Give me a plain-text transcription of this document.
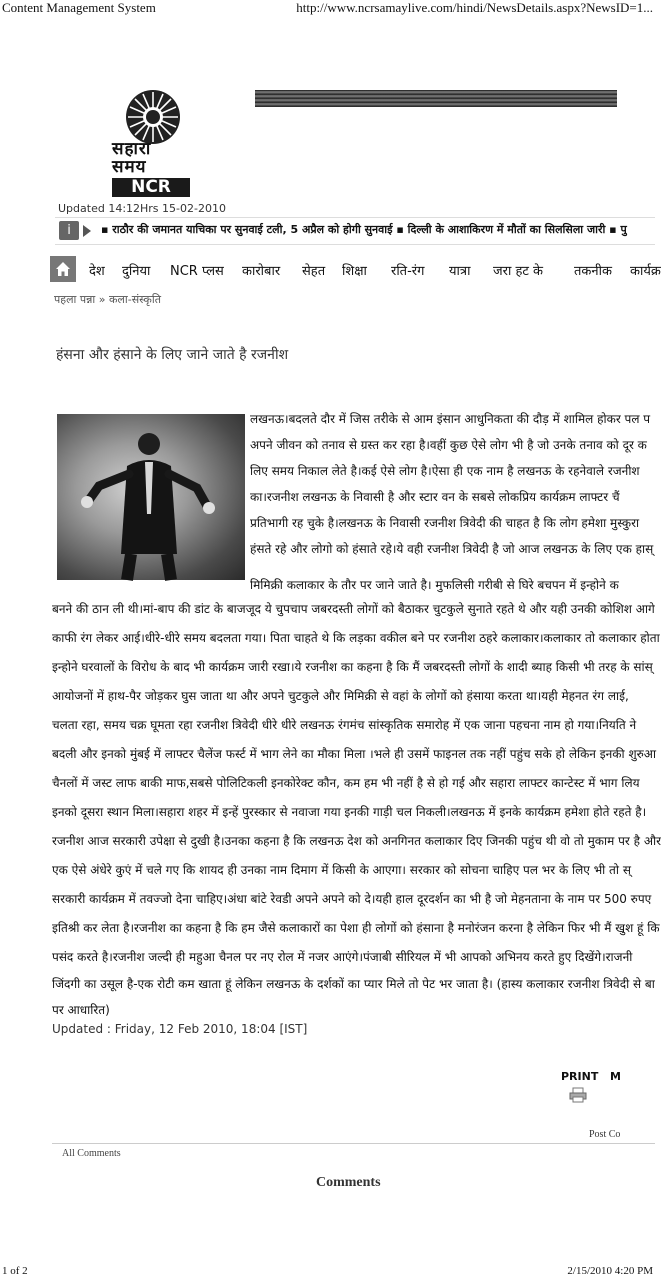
Content Management System	http://www.ncrsamaylive.com/hindi/NewsDetails.aspx?NewsID=1...
सहारा
समय
NCR
Updated 14:12Hrs 15-02-2010
i	▪ राठौर की जमानत याचिका पर सुनवाई टली, 5 अप्रैल को होगी सुनवाई ▪ दिल्ली के आशाकिरण में मौतों का सिलसिला जारी ▪ पु
देश दुनिया NCR प्लस कारोबार सेहत शिक्षा रति-रंग यात्रा जरा हट के तकनीक कार्यक्र
पहला पन्ना » कला-संस्कृति
हंसना और हंसाने के लिए जाने जाते है रजनीश
लखनऊ।बदलते दौर में जिस तरीके से आम इंसान आधुनिकता की दौड़ में शामिल होकर पल प
अपने जीवन को तनाव से ग्रस्त कर रहा है।वहीं कुछ ऐसे लोग भी है जो उनके तनाव को दूर क
लिए समय निकाल लेते है।कई ऐसे लोग है।ऐसा ही एक नाम है लखनऊ के रहनेवाले रजनीश
का।रजनीश लखनऊ के निवासी है और स्टार वन के सबसे लोकप्रिय कार्यक्रम लाफ्टर चैं
प्रतिभागी रह चुके है।लखनऊ के निवासी रजनीश त्रिवेदी की चाहत है कि लोग हमेशा मुस्कुरा
हंसते रहे और लोगो को हंसाते रहे।ये वही रजनीश त्रिवेदी है जो आज लखनऊ के लिए एक हास्
मिमिक्री कलाकार के तौर पर जाने जाते है। मुफलिसी गरीबी से घिरे बचपन में इन्होने क
बनने की ठान ली थी।मां-बाप की डांट के बाजजूद ये चुपचाप जबरदस्ती लोगों को बैठाकर चुटकुले सुनाते रहते थे और यही उनकी कोशिश आगे
काफी रंग लेकर आई।धीरे-धीरे समय बदलता गया। पिता चाहते थे कि लड़का वकील बने पर रजनीश ठहरे कलाकार।कलाकार तो कलाकार होता
इन्होने घरवालों के विरोध के बाद भी कार्यक्रम जारी रखा।ये रजनीश का कहना है कि मैं जबरदस्ती लोगों के शादी ब्याह किसी भी तरह के सांस्
आयोजनों में हाथ-पैर जोड़कर घुस जाता था और अपने चुटकुले और मिमिक्री से वहां के लोगों को हंसाया करता था।यही मेहनत रंग लाई,
चलता रहा, समय चक्र घूमता रहा रजनीश त्रिवेदी धीरे धीरे लखनऊ रंगमंच सांस्कृतिक समारोह में एक जाना पहचना नाम हो गया।नियति ने
बदली और इनको मुंबई में लाफ्टर चैलेंज फर्स्ट में भाग लेने का मौका मिला ।भले ही उसमें फाइनल तक नहीं पहुंच सके हो लेकिन इनकी शुरुआ
चैनलों में जस्ट लाफ बाकी माफ,सबसे पोलिटिकली इनकोरेक्ट कौन, कम हम भी नहीं है से हो गई और सहारा लाफ्टर कान्टेस्ट में भाग लिय
इनको दूसरा स्थान मिला।सहारा शहर में इन्हें पुरस्कार से नवाजा गया इनकी गाड़ी चल निकली।लखनऊ में इनके कार्यक्रम हमेशा होते रहते है।
रजनीश आज सरकारी उपेक्षा से दुखी है।उनका कहना है कि लखनऊ देश को अनगिनत कलाकार दिए जिनकी पहुंच थी वो तो मुकाम पर है और
एक ऐसे अंधेरे कुएं में चले गए कि शायद ही उनका नाम दिमाग में किसी के आएगा। सरकार को सोचना चाहिए पल भर के लिए भी तो स्
सरकारी कार्यक्रम में तवज्जो देना चाहिए।अंधा बांटे रेवडी अपने अपने को दे।यही हाल दूरदर्शन का भी है जो मेहनताना के नाम पर 500 रुपए
इतिश्री कर लेता है।रजनीश का कहना है कि हम जैसे कलाकारों का पेशा ही लोगों को हंसाना है मनोरंजन करना है लेकिन फिर भी मैं खुश हूं कि
पसंद करते है।रजनीश जल्दी ही महुआ चैनल पर नए रोल में नजर आएंगे।पंजाबी सीरियल में भी आपको अभिनय करते हुए दिखेंगे।राजनी
जिंदगी का उसूल है-एक रोटी कम खाता हूं लेकिन लखनऊ के दर्शकों का प्यार मिले तो पेट भर जाता है। (हास्य कलाकार रजनीश त्रिवेदी से बा
पर आधारित)
Updated : Friday, 12 Feb 2010, 18:04 [IST]
PRINT M
Post Co
All Comments
Comments
1 of 2	2/15/2010 4:20 PM
